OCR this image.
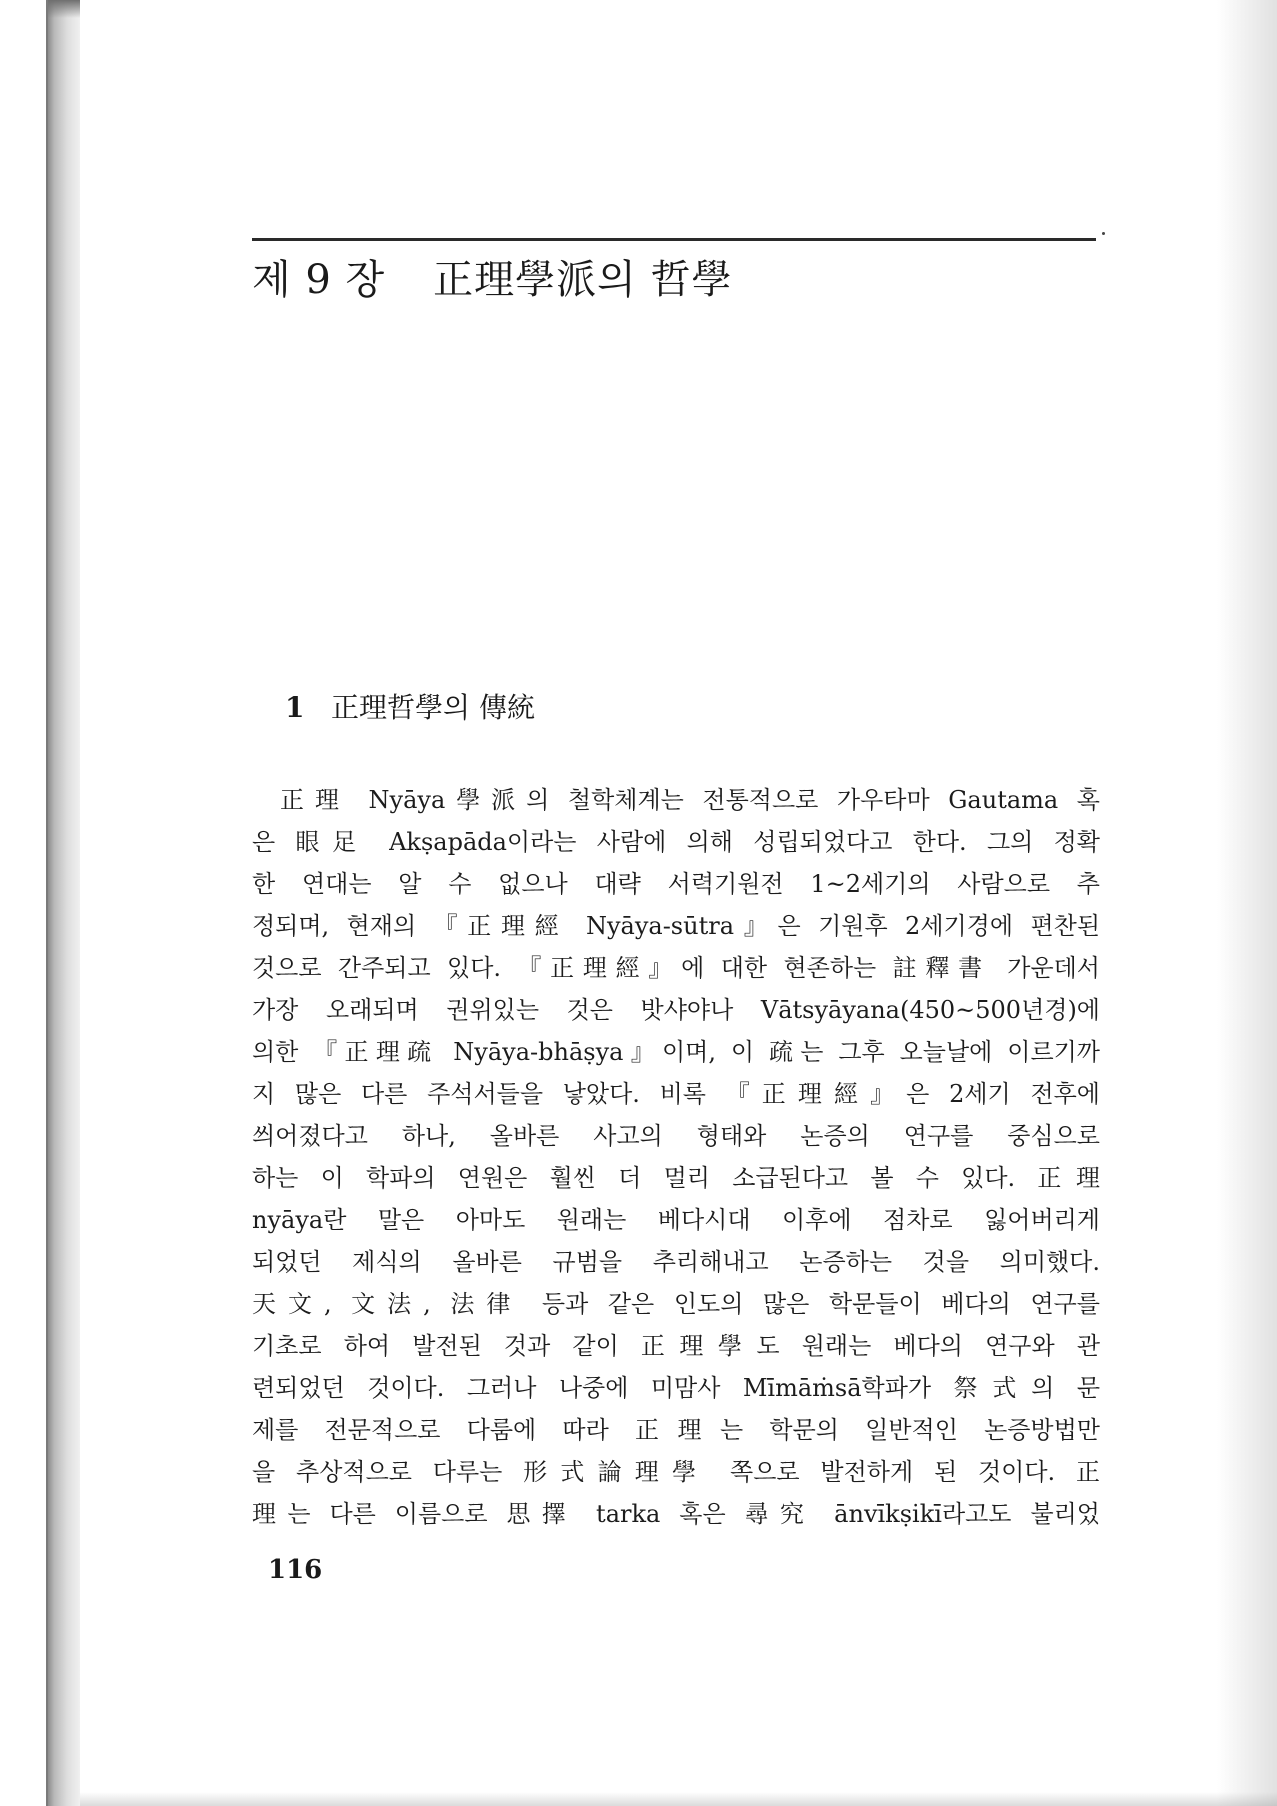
제 9 장 正理學派의 哲學
1 正理哲學의 傳統
正理 Nyāya學派의 철학체계는 전통적으로 가우타마 Gautama 혹
은 眼足 Akṣapāda이라는 사람에 의해 성립되었다고 한다. 그의 정확
한 연대는 알 수 없으나 대략 서력기원전 1~2세기의 사람으로 추
정되며, 현재의 『正理經 Nyāya-sūtra』은 기원후 2세기경에 편찬된
것으로 간주되고 있다. 『正理經』에 대한 현존하는 註釋書 가운데서
가장 오래되며 권위있는 것은 밧샤야나 Vātsyāyana(450~500년경)에
의한 『正理疏 Nyāya-bhāṣya』이며, 이 疏는 그후 오늘날에 이르기까
지 많은 다른 주석서들을 낳았다. 비록 『正理經』은 2세기 전후에
씌어졌다고 하나, 올바른 사고의 형태와 논증의 연구를 중심으로
하는 이 학파의 연원은 훨씬 더 멀리 소급된다고 볼 수 있다. 正理
nyāya란 말은 아마도 원래는 베다시대 이후에 점차로 잃어버리게
되었던 제식의 올바른 규범을 추리해내고 논증하는 것을 의미했다.
天文, 文法, 法律 등과 같은 인도의 많은 학문들이 베다의 연구를
기초로 하여 발전된 것과 같이 正理學도 원래는 베다의 연구와 관
련되었던 것이다. 그러나 나중에 미맘사 Mīmāṁsā학파가 祭式의 문
제를 전문적으로 다룸에 따라 正理는 학문의 일반적인 논증방법만
을 추상적으로 다루는 形式論理學 쪽으로 발전하게 된 것이다. 正
理는 다른 이름으로 思擇 tarka 혹은 尋究 ānvīkṣikī라고도 불리었
116
